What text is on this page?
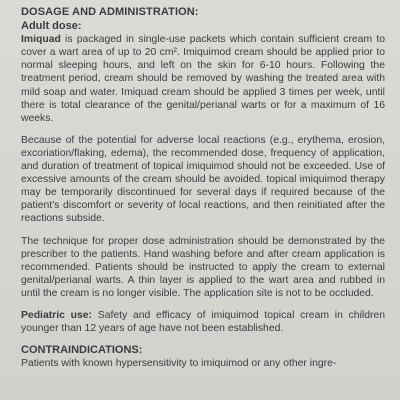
DOSAGE AND ADMINISTRATION:
Adult dose:

Imiquad is packaged in single-use packets which contain sufficient cream to cover a wart area of up to 20 cm². Imiquimod cream should be applied prior to normal sleeping hours, and left on the skin for 6-10 hours. Following the treatment period, cream should be removed by washing the treated area with mild soap and water. Imiquad cream should be applied 3 times per week, until there is total clearance of the genital/perianal warts or for a maximum of 16 weeks.

Because of the potential for adverse local reactions (e.g., erythema, erosion, excoriation/flaking, edema), the recommended dose, frequency of application, and duration of treatment of topical imiquimod should not be exceeded. Use of excessive amounts of the cream should be avoided. topical imiquimod therapy may be temporarily discontinued for several days if required because of the patient's discomfort or severity of local reactions, and then reinitiated after the reactions subside.

The technique for proper dose administration should be demonstrated by the prescriber to the patients. Hand washing before and after cream application is recommended. Patients should be instructed to apply the cream to external genital/perianal warts. A thin layer is applied to the wart area and rubbed in until the cream is no longer visible. The application site is not to be occluded.

Pediatric use: Safety and efficacy of imiquimod topical cream in children younger than 12 years of age have not been established.

CONTRAINDICATIONS:
Patients with known hypersensitivity to imiquimod or any other ingre-
